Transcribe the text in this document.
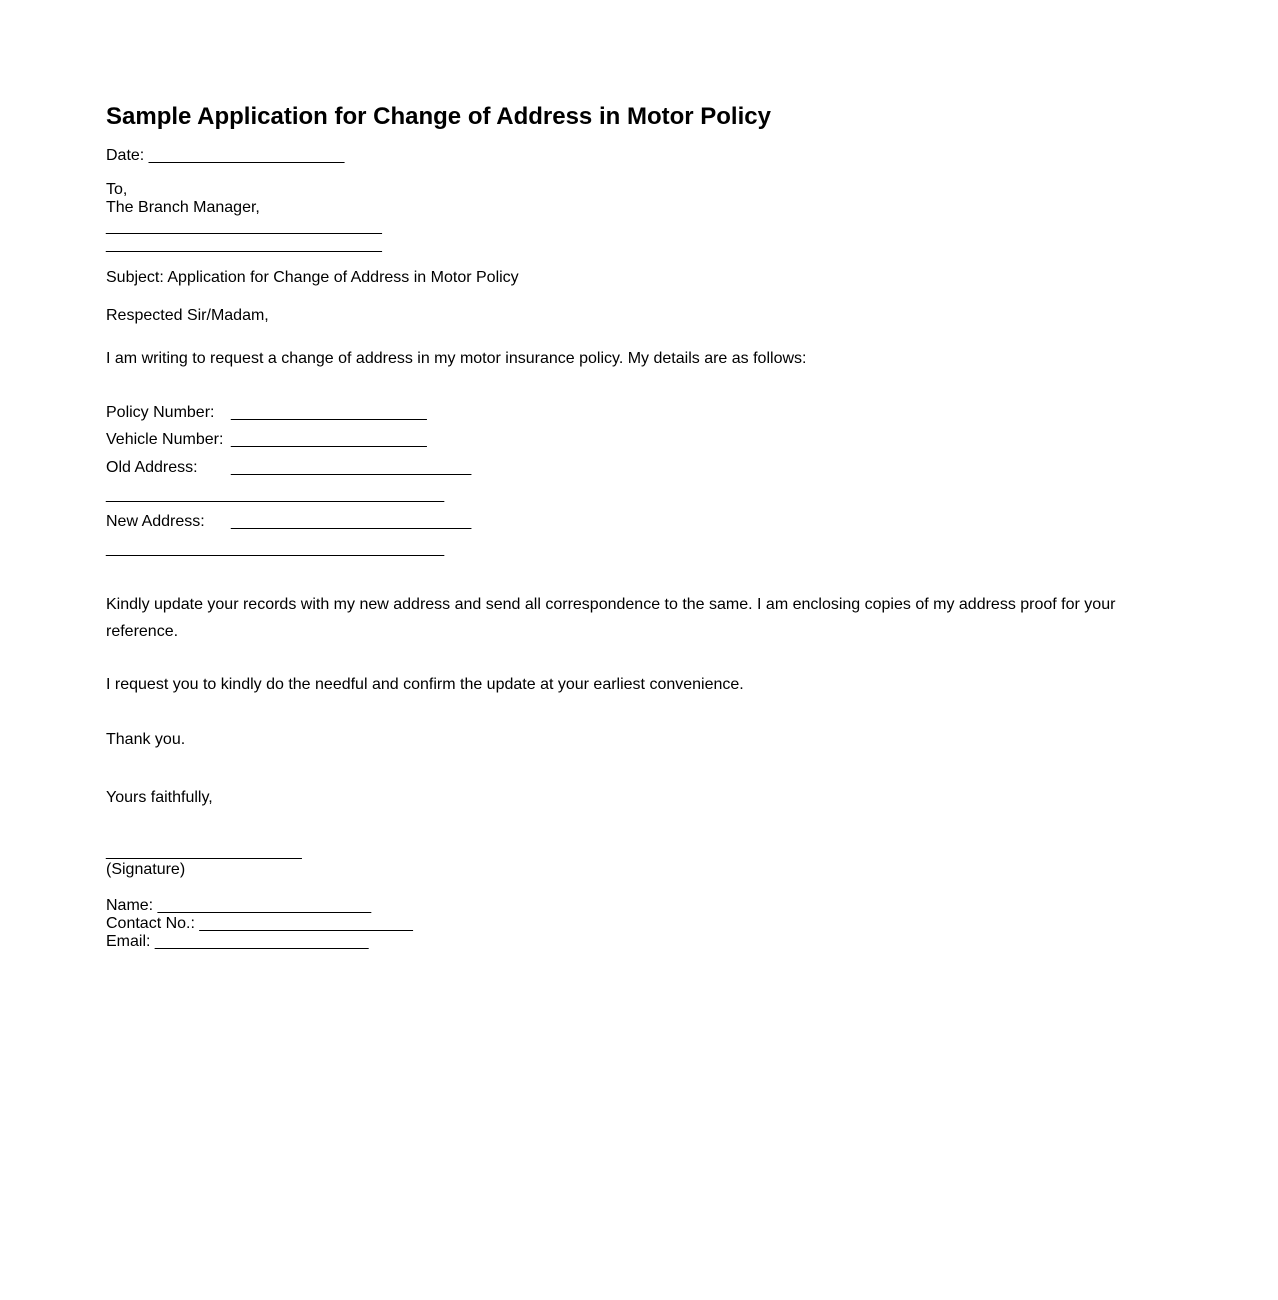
Sample Application for Change of Address in Motor Policy
Date: ______________________
To,
The Branch Manager,
_______________________________
_______________________________
Subject: Application for Change of Address in Motor Policy
Respected Sir/Madam,
I am writing to request a change of address in my motor insurance policy. My details are as follows:
Policy Number: ______________________
Vehicle Number: ______________________
Old Address: ___________________________
______________________________________
New Address: ___________________________
______________________________________

Kindly update your records with my new address and send all correspondence to the same. I am enclosing copies of my address proof for your reference.

I request you to kindly do the needful and confirm the update at your earliest convenience.
Thank you.
Yours faithfully,
______________________
(Signature)
Name: ________________________
Contact No.: ________________________
Email: ________________________
